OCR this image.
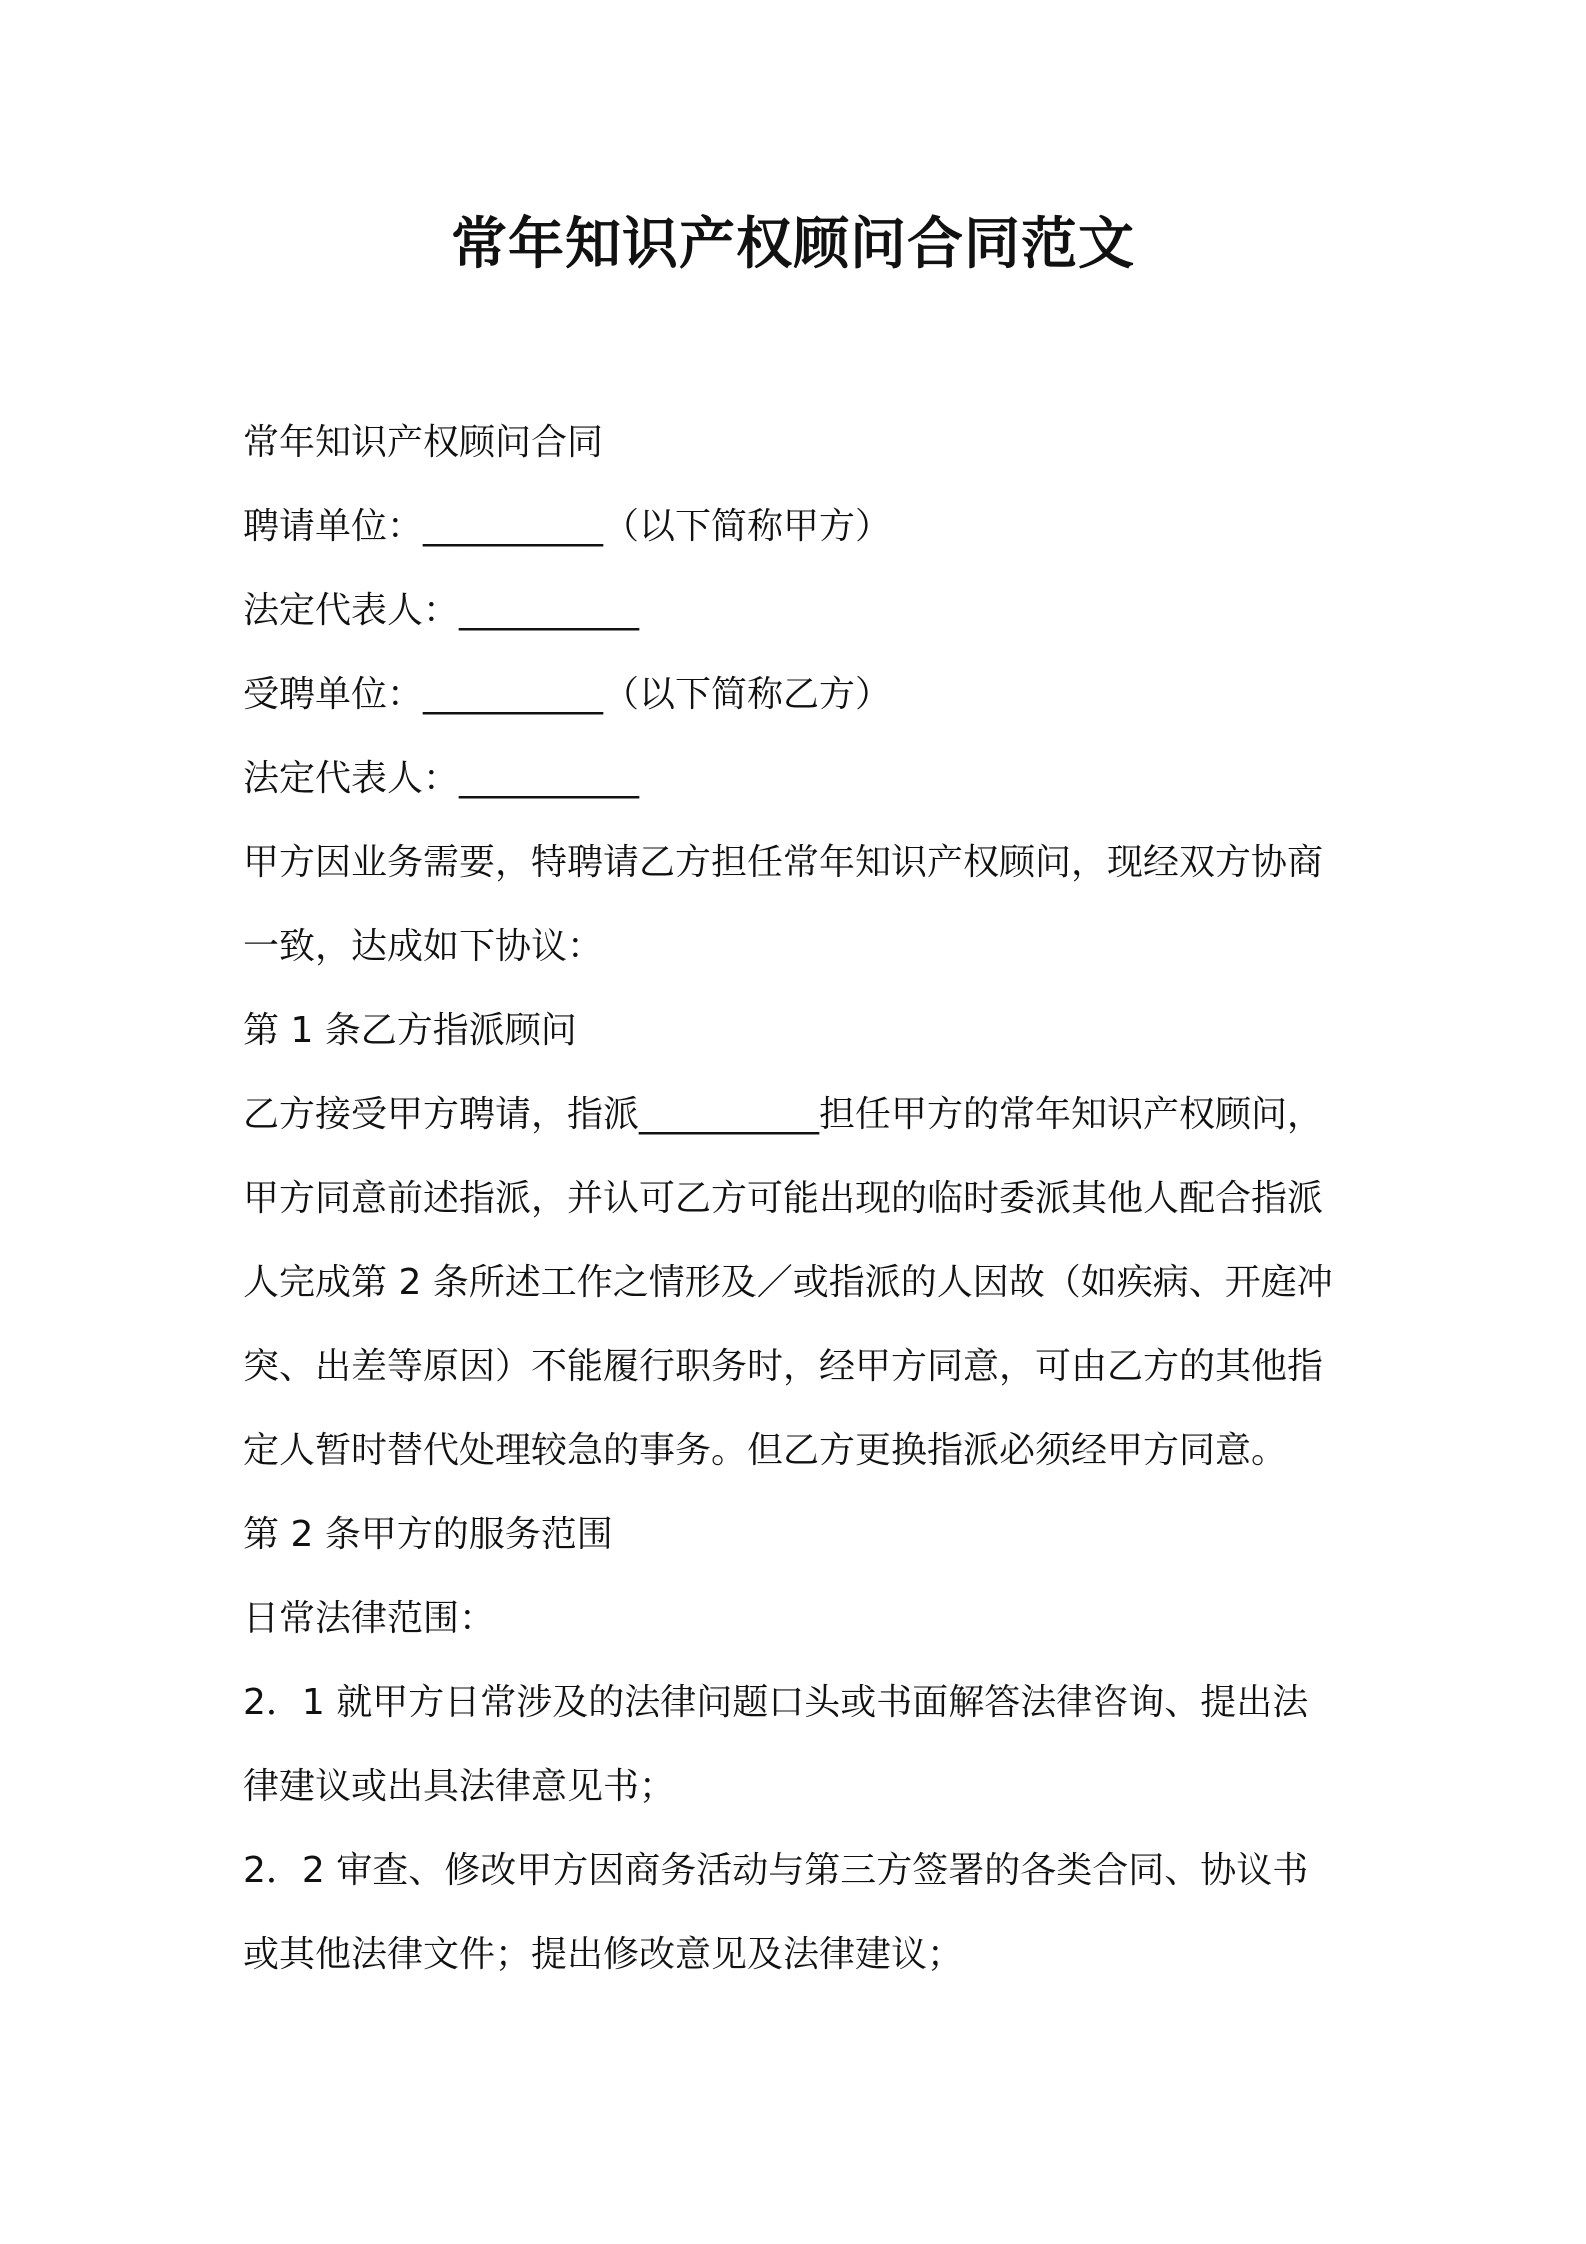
常年知识产权顾问合同范文

常年知识产权顾问合同

聘请单位：__________（以下简称甲方）

法定代表人：__________

受聘单位：__________（以下简称乙方）

法定代表人：__________

甲方因业务需要，特聘请乙方担任常年知识产权顾问，现经双方协商

一致，达成如下协议：

第 1 条乙方指派顾问

乙方接受甲方聘请，指派__________担任甲方的常年知识产权顾问，

甲方同意前述指派，并认可乙方可能出现的临时委派其他人配合指派

人完成第 2 条所述工作之情形及／或指派的人因故（如疾病、开庭冲

突、出差等原因）不能履行职务时，经甲方同意，可由乙方的其他指

定人暂时替代处理较急的事务。但乙方更换指派必须经甲方同意。

第 2 条甲方的服务范围

日常法律范围：

2．1 就甲方日常涉及的法律问题口头或书面解答法律咨询、提出法

律建议或出具法律意见书；

2．2 审查、修改甲方因商务活动与第三方签署的各类合同、协议书

或其他法律文件；提出修改意见及法律建议；
